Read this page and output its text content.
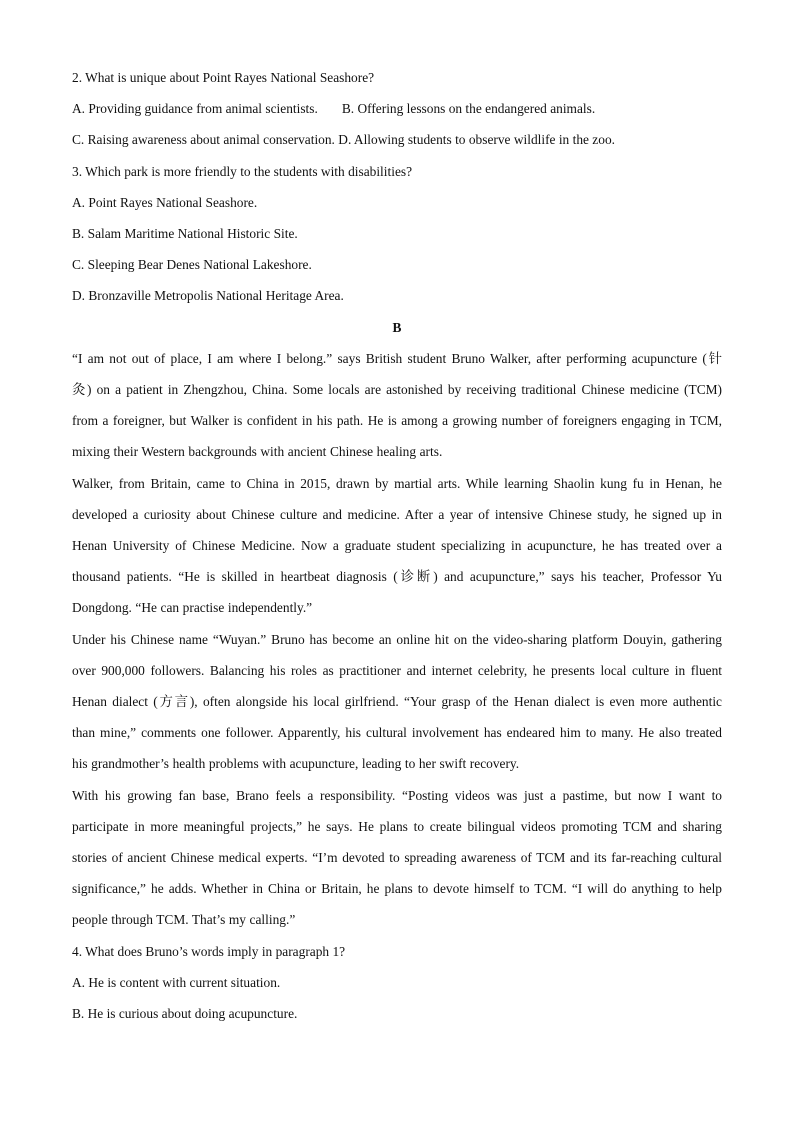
2. What is unique about Point Rayes National Seashore?
A. Providing guidance from animal scientists. B. Offering lessons on the endangered animals.
C. Raising awareness about animal conservation. D. Allowing students to observe wildlife in the zoo.
3. Which park is more friendly to the students with disabilities?
A. Point Rayes National Seashore.
B. Salam Maritime National Historic Site.
C. Sleeping Bear Denes National Lakeshore.
D. Bronzaville Metropolis National Heritage Area.
B
“I am not out of place, I am where I belong.” says British student Bruno Walker, after performing acupuncture (针
灸) on a patient in Zhengzhou, China. Some locals are astonished by receiving traditional Chinese medicine (TCM)
from a foreigner, but Walker is confident in his path. He is among a growing number of foreigners engaging in TCM,
mixing their Western backgrounds with ancient Chinese healing arts.
Walker, from Britain, came to China in 2015, drawn by martial arts. While learning Shaolin kung fu in Henan, he
developed a curiosity about Chinese culture and medicine. After a year of intensive Chinese study, he signed up in
Henan University of Chinese Medicine. Now a graduate student specializing in acupuncture, he has treated over a
thousand patients. “He is skilled in heartbeat diagnosis (诊断) and acupuncture,” says his teacher, Professor Yu
Dongdong. “He can practise independently.”
Under his Chinese name “Wuyan.” Bruno has become an online hit on the video-sharing platform Douyin, gathering
over 900,000 followers. Balancing his roles as practitioner and internet celebrity, he presents local culture in fluent
Henan dialect (方言), often alongside his local girlfriend. “Your grasp of the Henan dialect is even more authentic
than mine,” comments one follower. Apparently, his cultural involvement has endeared him to many. He also treated
his grandmother’s health problems with acupuncture, leading to her swift recovery.
With his growing fan base, Brano feels a responsibility. “Posting videos was just a pastime, but now I want to
participate in more meaningful projects,” he says. He plans to create bilingual videos promoting TCM and sharing
stories of ancient Chinese medical experts. “I’m devoted to spreading awareness of TCM and its far-reaching cultural
significance,” he adds. Whether in China or Britain, he plans to devote himself to TCM. “I will do anything to help
people through TCM. That’s my calling.”
4. What does Bruno’s words imply in paragraph 1?
A. He is content with current situation.
B. He is curious about doing acupuncture.
